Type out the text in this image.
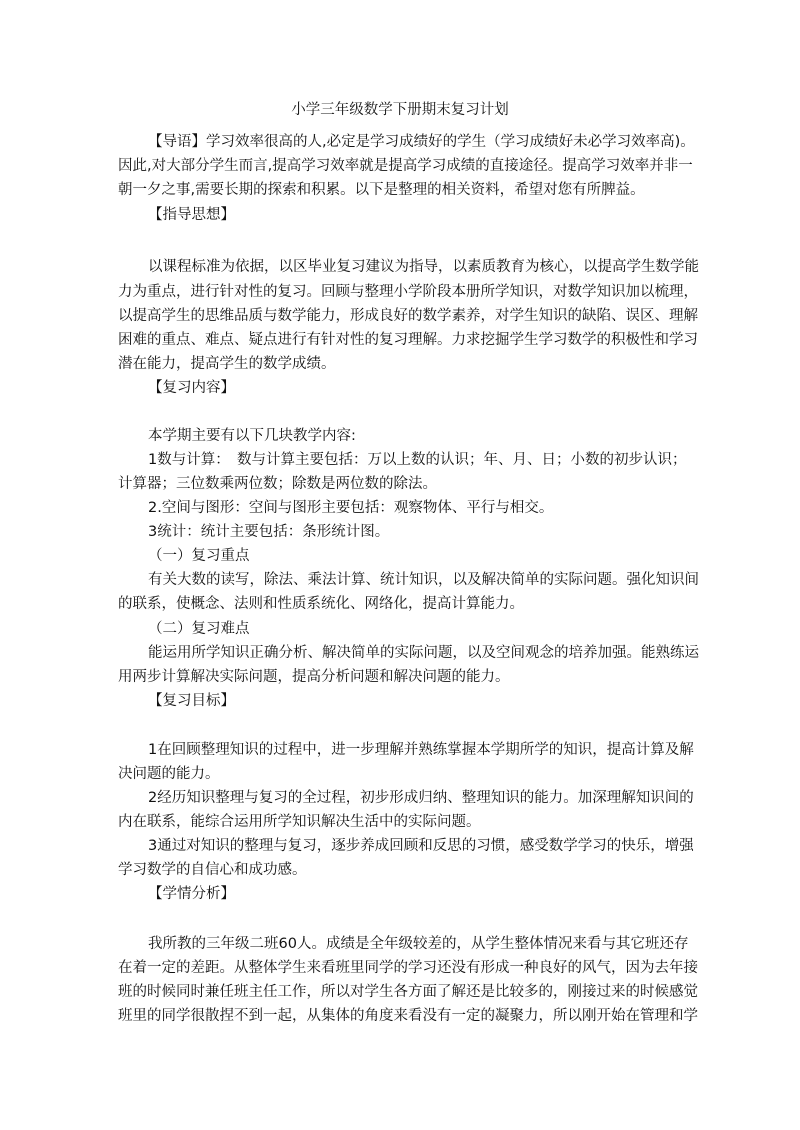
小学三年级数学下册期末复习计划
【导语】学习效率很高的人,必定是学习成绩好的学生（学习成绩好未必学习效率高)。
因此,对大部分学生而言,提高学习效率就是提高学习成绩的直接途径。提高学习效率并非一
朝一夕之事,需要长期的探索和积累。以下是整理的相关资料，希望对您有所脾益。
【指导思想】
以课程标准为依据，以区毕业复习建议为指导，以素质教育为核心，以提高学生数学能
力为重点，进行针对性的复习。回顾与整理小学阶段本册所学知识，对数学知识加以梳理，
以提高学生的思维品质与数学能力，形成良好的数学素养，对学生知识的缺陷、误区、理解
困难的重点、难点、疑点进行有针对性的复习理解。力求挖掘学生学习数学的积极性和学习
潜在能力，提高学生的数学成绩。
【复习内容】
本学期主要有以下几块教学内容:
1数与计算：　数与计算主要包括：万以上数的认识；年、月、日；小数的初步认识；
计算器；三位数乘两位数；除数是两位数的除法。
2.空间与图形：空间与图形主要包括：观察物体、平行与相交。
3统计：统计主要包括：条形统计图。
（一）复习重点
有关大数的读写，除法、乘法计算、统计知识，以及解决简单的实际问题。强化知识间
的联系，使概念、法则和性质系统化、网络化，提高计算能力。
（二）复习难点
能运用所学知识正确分析、解决简单的实际问题，以及空间观念的培养加强。能熟练运
用两步计算解决实际问题，提高分析问题和解决问题的能力。
【复习目标】
1在回顾整理知识的过程中，进一步理解并熟练掌握本学期所学的知识，提高计算及解
决问题的能力。
2经历知识整理与复习的全过程，初步形成归纳、整理知识的能力。加深理解知识间的
内在联系，能综合运用所学知识解决生活中的实际问题。
3通过对知识的整理与复习，逐步养成回顾和反思的习惯，感受数学学习的快乐，增强
学习数学的自信心和成功感。
【学情分析】
我所教的三年级二班60人。成绩是全年级较差的，从学生整体情况来看与其它班还存
在着一定的差距。从整体学生来看班里同学的学习还没有形成一种良好的风气，因为去年接
班的时候同时兼任班主任工作，所以对学生各方面了解还是比较多的，刚接过来的时候感觉
班里的同学很散捏不到一起，从集体的角度来看没有一定的凝聚力，所以刚开始在管理和学
